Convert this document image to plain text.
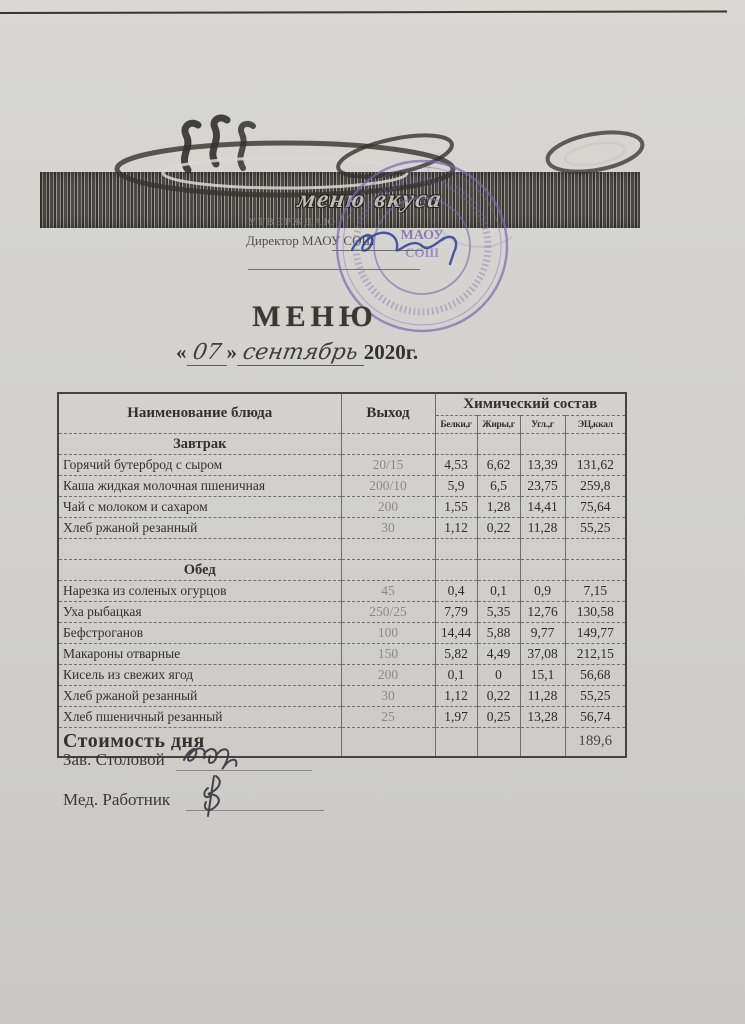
меню вкуса
УТВЕРЖДАЮ
Директор МАОУ СОШ МАОУ
СОШ
МЕНЮ
« 07 » сентябрь 2020г.
Наименование блюда	Выход	Химический состав			
		Белки,г	Жиры,г	Угл.,г	ЭЦ,ккал
Завтрак					
Горячий бутерброд с сыром	20/15	4,53	6,62	13,39	131,62
Каша жидкая молочная пшеничная	200/10	5,9	6,5	23,75	259,8
Чай с молоком и сахаром	200	1,55	1,28	14,41	75,64
Хлеб ржаной резанный	30	1,12	0,22	11,28	55,25

Обед					
Нарезка из соленых огурцов	45	0,4	0,1	0,9	7,15
Уха рыбацкая	250/25	7,79	5,35	12,76	130,58
Бефстроганов	100	14,44	5,88	9,77	149,77
Макароны отварные	150	5,82	4,49	37,08	212,15
Кисель из свежих ягод	200	0,1	0	15,1	56,68
Хлеб ржаной резанный	30	1,12	0,22	11,28	55,25
Хлеб пшеничный резанный	25	1,97	0,25	13,28	56,74
Стоимость дня					189,6
Зав. Столовой
Мед. Работник
